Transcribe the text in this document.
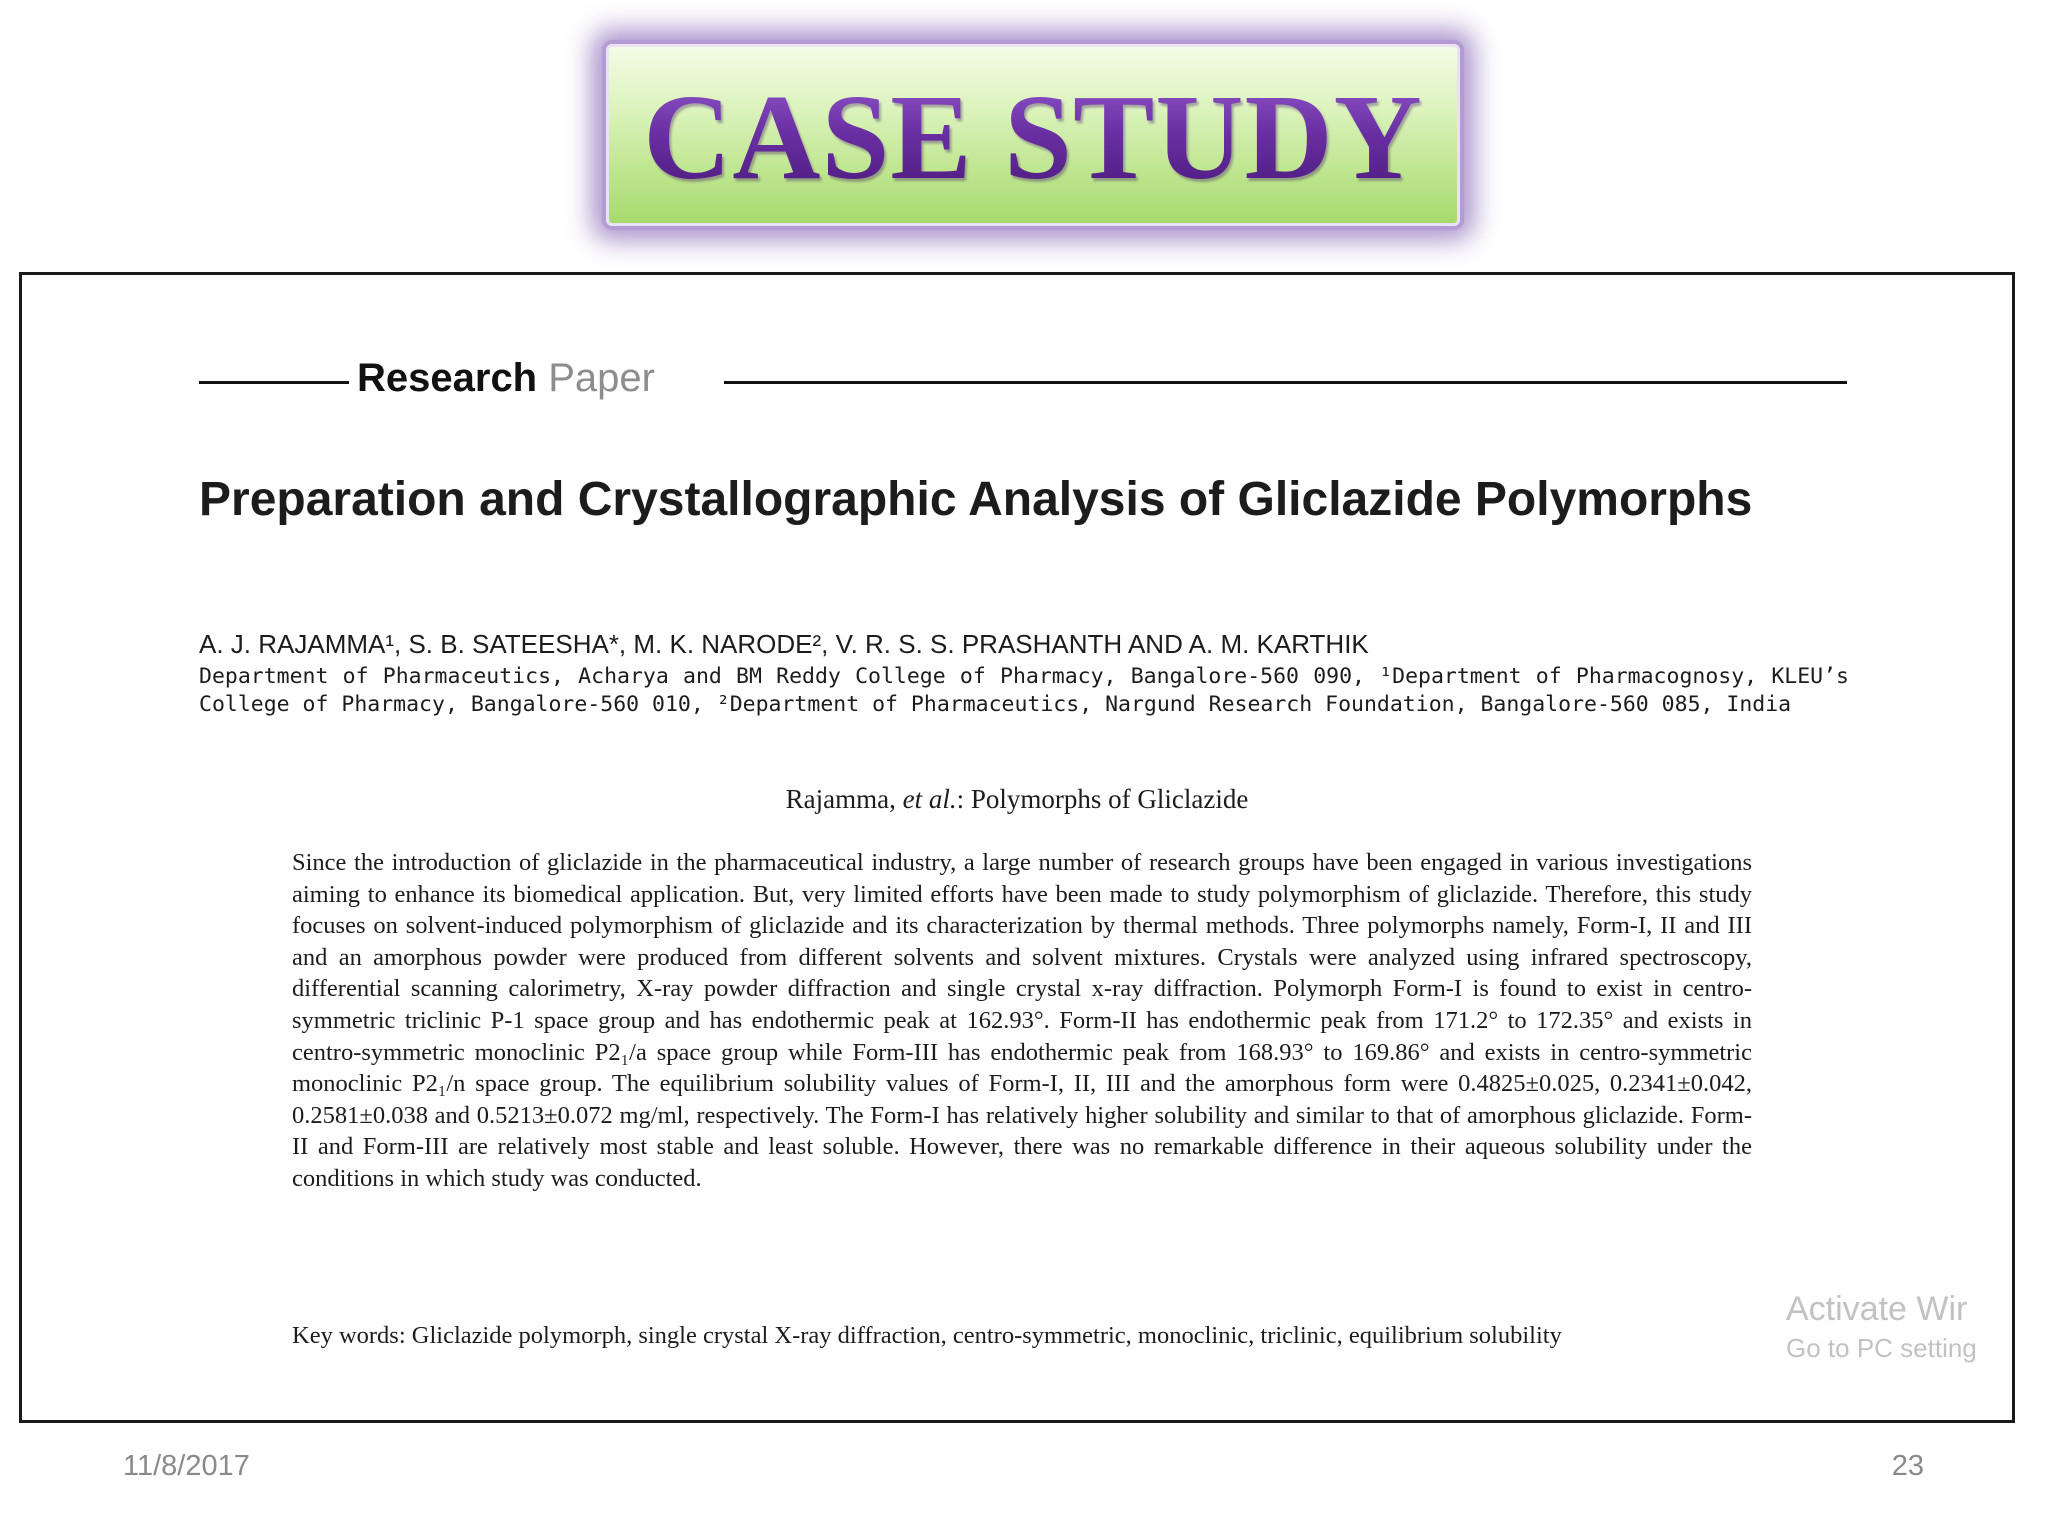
CASE STUDY
Research Paper
Preparation and Crystallographic Analysis of Gliclazide Polymorphs
A. J. RAJAMMA¹, S. B. SATEESHA*, M. K. NARODE², V. R. S. S. PRASHANTH AND A. M. KARTHIK
Department of Pharmaceutics, Acharya and BM Reddy College of Pharmacy, Bangalore-560 090, ¹Department of Pharmacognosy, KLEU’s College of Pharmacy, Bangalore-560 010, ²Department of Pharmaceutics, Nargund Research Foundation, Bangalore-560 085, India
Rajamma, et al.: Polymorphs of Gliclazide

Since the introduction of gliclazide in the pharmaceutical industry, a large number of research groups have been engaged in various investigations aiming to enhance its biomedical application. But, very limited efforts have been made to study polymorphism of gliclazide. Therefore, this study focuses on solvent-induced polymorphism of gliclazide and its characterization by thermal methods. Three polymorphs namely, Form-I, II and III and an amorphous powder were produced from different solvents and solvent mixtures. Crystals were analyzed using infrared spectroscopy, differential scanning calorimetry, X-ray powder diffraction and single crystal x-ray diffraction. Polymorph Form-I is found to exist in centro-symmetric triclinic P-1 space group and has endothermic peak at 162.93°. Form-II has endothermic peak from 171.2° to 172.35° and exists in centro-symmetric monoclinic P2₁/a space group while Form-III has endothermic peak from 168.93° to 169.86° and exists in centro-symmetric monoclinic P2₁/n space group. The equilibrium solubility values of Form-I, II, III and the amorphous form were 0.4825±0.025, 0.2341±0.042, 0.2581±0.038 and 0.5213±0.072 mg/ml, respectively. The Form-I has relatively higher solubility and similar to that of amorphous gliclazide. Form-II and Form-III are relatively most stable and least soluble. However, there was no remarkable difference in their aqueous solubility under the conditions in which study was conducted.

Key words: Gliclazide polymorph, single crystal X-ray diffraction, centro-symmetric, monoclinic, triclinic, equilibrium solubility
Activate Wir
Go to PC setting
11/8/2017	23
